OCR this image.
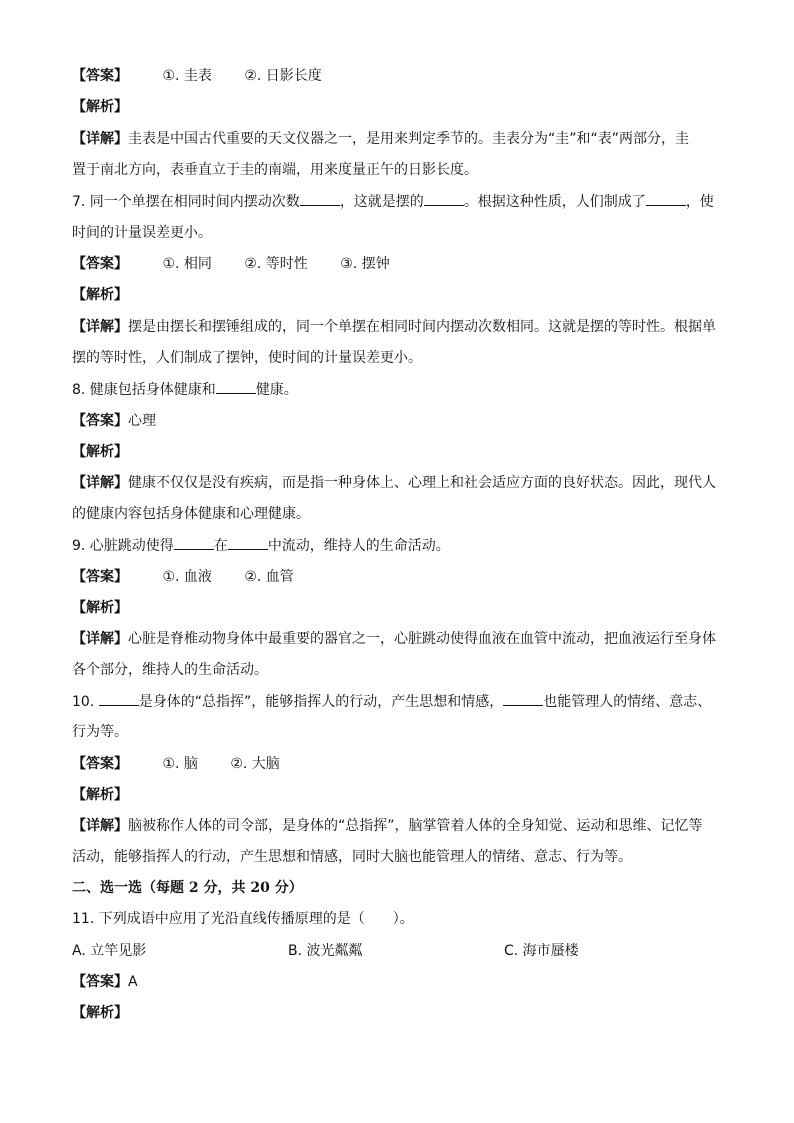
【答案】 ①. 圭表 ②. 日影长度
【解析】
【详解】圭表是中国古代重要的天文仪器之一，是用来判定季节的。圭表分为“圭”和“表”两部分，圭
置于南北方向，表垂直立于圭的南端，用来度量正午的日影长度。
7. 同一个单摆在相同时间内摆动次数	，这就是摆的	。根据这种性质，人们制成了	，使
时间的计量误差更小。
【答案】 ①. 相同 ②. 等时性 ③. 摆钟
【解析】
【详解】摆是由摆长和摆锤组成的，同一个单摆在相同时间内摆动次数相同。这就是摆的等时性。根据单
摆的等时性，人们制成了摆钟，使时间的计量误差更小。
8. 健康包括身体健康和	健康。
【答案】心理
【解析】
【详解】健康不仅仅是没有疾病，而是指一种身体上、心理上和社会适应方面的良好状态。因此，现代人
的健康内容包括身体健康和心理健康。
9. 心脏跳动使得	在	中流动，维持人的生命活动。
【答案】 ①. 血液 ②. 血管
【解析】
【详解】心脏是脊椎动物身体中最重要的器官之一，心脏跳动使得血液在血管中流动，把血液运行至身体
各个部分，维持人的生命活动。
10.	是身体的“总指挥”，能够指挥人的行动，产生思想和情感，	也能管理人的情绪、意志、
行为等。
【答案】 ①. 脑 ②. 大脑
【解析】
【详解】脑被称作人体的司令部，是身体的“总指挥”，脑掌管着人体的全身知觉、运动和思维、记忆等
活动，能够指挥人的行动，产生思想和情感，同时大脑也能管理人的情绪、意志、行为等。
二、选一选（每题 2 分，共 20 分）
11. 下列成语中应用了光沿直线传播原理的是（　　）。
A. 立竿见影	B. 波光粼粼	C. 海市蜃楼
【答案】A
【解析】
